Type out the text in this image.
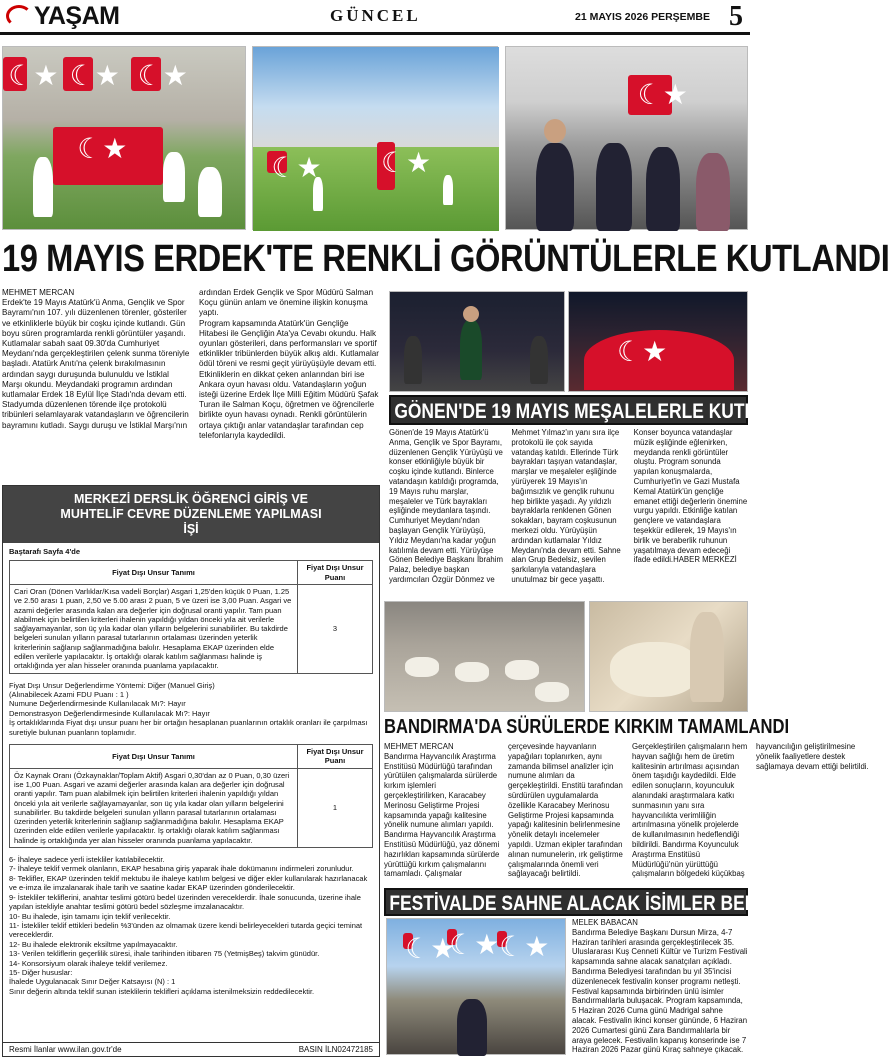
YAŞAM	GÜNCEL	21 MAYIS 2026 PERŞEMBE 5
☾★
☾★
☾★
☾★
☾★
☾★
☾★
19 MAYIS ERDEK'TE RENKLİ GÖRÜNTÜLERLE KUTLANDI

MEHMET MERCAN

Erdek'te 19 Mayıs Atatürk'ü Anma, Gençlik ve Spor Bayramı'nın 107. yılı düzenlenen törenler, gösteriler ve etkinliklerle büyük bir coşku içinde kutlandı. Gün boyu süren programlarda renkli görüntüler yaşandı. Kutlamalar sabah saat 09.30'da Cumhuriyet Meydanı'nda gerçekleştirilen çelenk sunma töreniyle başladı. Atatürk Anıtı'na çelenk bırakılmasının ardından saygı duruşunda bulunuldu ve İstiklal Marşı okundu. Meydandaki programın ardından kutlamalar Erdek 18 Eylül İlçe Stadı'nda devam etti.

Stadyumda düzenlenen törende ilçe protokolü tribünleri selamlayarak vatandaşların ve öğrencilerin bayramını kutladı. Saygı duruşu ve İstiklal Marşı'nın

ardından Erdek Gençlik ve Spor Müdürü Salman Koçu günün anlam ve önemine ilişkin konuşma yaptı.

Program kapsamında Atatürk'ün Gençliğe Hitabesi ile Gençliğin Ata'ya Cevabı okundu. Halk oyunları gösterileri, dans performansları ve sportif etkinlikler tribünlerden büyük alkış aldı. Kutlamalar ödül töreni ve resmi geçit yürüyüşüyle devam etti.

Etkinliklerin en dikkat çeken anlarından biri ise Ankara oyun havası oldu. Vatandaşların yoğun isteği üzerine Erdek İlçe Milli Eğitim Müdürü Şafak Turan ile Salman Koçu, öğretmen ve öğrencilerle birlikte oyun havası oynadı. Renkli görüntülerin ortaya çıktığı anlar vatandaşlar tarafından cep telefonlarıyla kaydedildi.

MERKEZİ DERSLİK ÖĞRENCİ GİRİŞ VE MUHTELİF CEVRE DÜZENLEME YAPILMASI İŞİ
Baştarafı Sayfa 4'de
Fiyat Dışı Unsur Tanımı	Fiyat Dışı Unsur Puanı
Cari Oran (Dönen Varlıklar/Kısa vadeli Borçlar) Asgari 1,25'den küçük 0 Puan, 1.25 ve 2.50 arası 1 puan, 2,50 ve 5.00 arası 2 puan, 5 ve üzeri ise 3,00 Puan. Asgari ve azami değerler arasında kalan ara değerler için doğrusal oranti yapılır. Tam puan alabilmek için belirtilen kriterleri ihalenin yapıldığı yıldan önceki yıla ait verilerle sağlayamayanlar, son üç yıla kadar olan yılların belgelerini sunabilirler. Bu takdirde belgeleri sunulan yılların parasal tutarlarının ortalaması üzerinden yeterlik kriterlerinin sağlanıp sağlanmadığına bakılır. Hesaplama EKAP üzerinden elde edilen verilerle yapılacaktır. İş ortaklığı olarak katılım sağlanması halinde iş ortaklığında yer alan hisseler oranında puanlama yapılacaktır.	3
Fiyat Dışı Unsur Değerlendirme Yöntemi: Diğer (Manuel Giriş)
(Alınabilecek Azami FDU Puanı : 1 )
Numune Değerlendirmesinde Kullanılacak Mı?: Hayır
Demonstrasyon Değerlendirmesinde Kullanılacak Mı?: Hayır
İş ortaklıklarında Fiyat dışı unsur puanı her bir ortağın hesaplanan puanlarının ortaklık oranları ile çarpılması suretiyle bulunan puanların toplamıdır.
Fiyat Dışı Unsur Tanımı	Fiyat Dışı Unsur Puanı
Öz Kaynak Oranı (Özkaynaklar/Toplam Aktif) Asgari 0,30'dan az 0 Puan, 0,30 üzeri ise 1,00 Puan. Asgari ve azami değerler arasında kalan ara değerler için doğrusal oranti yapılır. Tam puan alabilmek için belirtilen kriterleri ihalenin yapıldığı yıldan önceki yıla ait verilerle sağlayamayanlar, son üç yıla kadar olan yılların belgelerini sunabilirler. Bu takdirde belgeleri sunulan yılların parasal tutarlarının ortalaması üzerinden yeterlik kriterlerinin sağlanıp sağlanmadığına bakılır. Hesaplama EKAP üzerinden elde edilen verilerle yapılacaktır. İş ortaklığı olarak katılım sağlanması halinde iş ortaklığında yer alan hisseler oranında puanlama yapılacaktır.	1
6- İhaleye sadece yerli istekliler katılabilecektir.
7- İhaleye teklif vermek olanların, EKAP hesabına giriş yaparak ihale dokümanını indirmeleri zorunludur.
8- Teklifler, EKAP üzerinden teklif mektubu ile ihaleye katılım belgesi ve diğer ekler kullanılarak hazırlanacak ve e-imza ile imzalanarak ihale tarih ve saatine kadar EKAP üzerinden gönderilecektir.
9- İstekliler tekliflerini, anahtar teslimi götürü bedel üzerinden vereceklerdir. İhale sonucunda, üzerine ihale yapılan istekliyle anahtar teslimi götürü bedel sözleşme imzalanacaktır.
10- Bu ihalede, işin tamamı için teklif verilecektir.
11- İstekliler teklif ettikleri bedelin %3'ünden az olmamak üzere kendi belirleyecekleri tutarda geçici teminat vereceklerdir.
12- Bu ihalede elektronik eksiltme yapılmayacaktır.
13- Verilen tekliflerin geçerlilik süresi, ihale tarihinden itibaren 75 (YetmişBeş) takvim günüdür.
14- Konsorsiyum olarak ihaleye teklif verilemez.
15- Diğer hususlar:
İhalede Uygulanacak Sınır Değer Katsayısı (N) : 1
Sınır değerin altında teklif sunan isteklilerin teklifleri açıklama istenilmeksizin reddedilecektir.
Resmi İlanlar www.ilan.gov.tr'de	BASIN İLN02472185
☾★
GÖNEN'DE 19 MAYIS MEŞALELERLE KUTLANDI
Gönen'de 19 Mayıs Atatürk'ü Anma, Gençlik ve Spor Bayramı, düzenlenen Gençlik Yürüyüşü ve konser etkinliğiyle büyük bir coşku içinde kutlandı. Binlerce vatandaşın katıldığı programda, 19 Mayıs ruhu marşlar, meşaleler ve Türk bayrakları eşliğinde meydanlara taşındı. Cumhuriyet Meydanı'ndan başlayan Gençlik Yürüyüşü, Yıldız Meydanı'na kadar yoğun katılımla devam etti. Yürüyüşe Gönen Belediye Başkanı İbrahim Palaz, belediye başkan yardımcıları Özgür Dönmez ve Mehmet Yılmaz'ın yanı sıra ilçe protokolü ile çok sayıda vatandaş katıldı. Ellerinde Türk bayrakları taşıyan vatandaşlar, marşlar ve meşaleler eşliğinde yürüyerek 19 Mayıs'ın bağımsızlık ve gençlik ruhunu hep birlikte yaşadı. Ay yıldızlı bayraklarla renklenen Gönen sokakları, bayram coşkusunun merkezi oldu. Yürüyüşün ardından kutlamalar Yıldız Meydanı'nda devam etti. Sahne alan Grup Bedelsiz, sevilen şarkılarıyla vatandaşlara unutulmaz bir gece yaşattı. Konser boyunca vatandaşlar müzik eşliğinde eğlenirken, meydanda renkli görüntüler oluştu. Program sonunda yapılan konuşmalarda, Cumhuriyet'in ve Gazi Mustafa Kemal Atatürk'ün gençliğe emanet ettiği değerlerin önemine vurgu yapıldı. Etkinliğe katılan gençlere ve vatandaşlara teşekkür edilerek, 19 Mayıs'ın birlik ve beraberlik ruhunun yaşatılmaya devam edeceği ifade edildi.HABER MERKEZİ
BANDIRMA'DA SÜRÜLERDE KIRKIM TAMAMLANDI

MEHMET MERCAN

Bandırma Hayvancılık Araştırma Enstitüsü Müdürlüğü tarafından yürütülen çalışmalarda sürülerde kırkım işlemleri gerçekleştirilirken, Karacabey Merinosu Geliştirme Projesi kapsamında yapağı kalitesine yönelik numune alımları yapıldı. Bandırma Hayvancılık Araştırma Enstitüsü Müdürlüğü, yaz dönemi hazırlıkları kapsamında sürülerde yürüttüğü kırkım çalışmalarını tamamladı. Çalışmalar çerçevesinde hayvanların yapağıları toplanırken, aynı zamanda bilimsel analizler için numune alımları da gerçekleştirildi. Enstitü tarafından sürdürülen uygulamalarda özellikle Karacabey Merinosu Geliştirme Projesi kapsamında yapağı kalitesinin belirlenmesine yönelik detaylı incelemeler yapıldı. Uzman ekipler tarafından alınan numunelerin, ırk geliştirme çalışmalarında önemli veri sağlayacağı belirtildi. Gerçekleştirilen çalışmaların hem hayvan sağlığı hem de üretim kalitesinin artırılması açısından önem taşıdığı kaydedildi. Elde edilen sonuçların, koyunculuk alanındaki araştırmalara katkı sunmasının yanı sıra hayvancılıkta verimliliğin artırılmasına yönelik projelerde de kullanılmasının hedeflendiği bildirildi. Bandırma Koyunculuk Araştırma Enstitüsü Müdürlüğü'nün yürüttüğü çalışmaların bölgedeki küçükbaş hayvancılığın geliştirilmesine yönelik faaliyetlere destek sağlamaya devam ettiği belirtildi.

FESTİVALDE SAHNE ALACAK İSİMLER BELLİ OLDU
☾★
☾★
☾★

MELEK BABACAN

Bandırma Belediye Başkanı Dursun Mirza, 4-7 Haziran tarihleri arasında gerçekleştirilecek 35. Uluslararası Kuş Cenneti Kültür ve Turizm Festivali kapsamında sahne alacak sanatçıları açıkladı. Bandırma Belediyesi tarafından bu yıl 35'incisi düzenlenecek festivalin konser programı netleşti. Festival kapsamında birbirinden ünlü isimler Bandırmalılarla buluşacak. Program kapsamında, 5 Haziran 2026 Cuma günü Madrigal sahne alacak. Festivalin ikinci konser gününde, 6 Haziran 2026 Cumartesi günü Zara Bandırmalılarla bir araya gelecek. Festivalin kapanış konserinde ise 7 Haziran 2026 Pazar günü Kıraç sahneye çıkacak.
